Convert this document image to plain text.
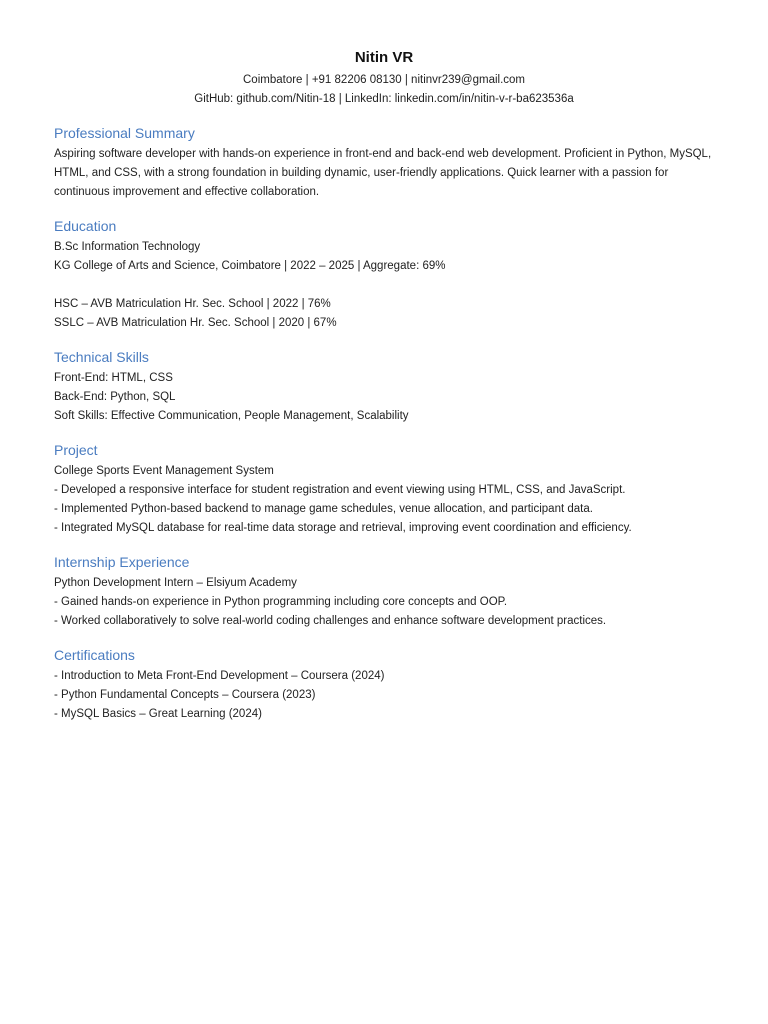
Nitin VR
Coimbatore | +91 82206 08130 | nitinvr239@gmail.com
GitHub: github.com/Nitin-18 | LinkedIn: linkedin.com/in/nitin-v-r-ba623536a
Professional Summary
Aspiring software developer with hands-on experience in front-end and back-end web development. Proficient in Python, MySQL, HTML, and CSS, with a strong foundation in building dynamic, user-friendly applications. Quick learner with a passion for continuous improvement and effective collaboration.
Education
B.Sc Information Technology
KG College of Arts and Science, Coimbatore | 2022 – 2025 | Aggregate: 69%
HSC – AVB Matriculation Hr. Sec. School | 2022 | 76%
SSLC – AVB Matriculation Hr. Sec. School | 2020 | 67%
Technical Skills
Front-End: HTML, CSS
Back-End: Python, SQL
Soft Skills: Effective Communication, People Management, Scalability
Project
College Sports Event Management System
- Developed a responsive interface for student registration and event viewing using HTML, CSS, and JavaScript.
- Implemented Python-based backend to manage game schedules, venue allocation, and participant data.
- Integrated MySQL database for real-time data storage and retrieval, improving event coordination and efficiency.
Internship Experience
Python Development Intern – Elsiyum Academy
- Gained hands-on experience in Python programming including core concepts and OOP.
- Worked collaboratively to solve real-world coding challenges and enhance software development practices.
Certifications
- Introduction to Meta Front-End Development – Coursera (2024)
- Python Fundamental Concepts – Coursera (2023)
- MySQL Basics – Great Learning (2024)
